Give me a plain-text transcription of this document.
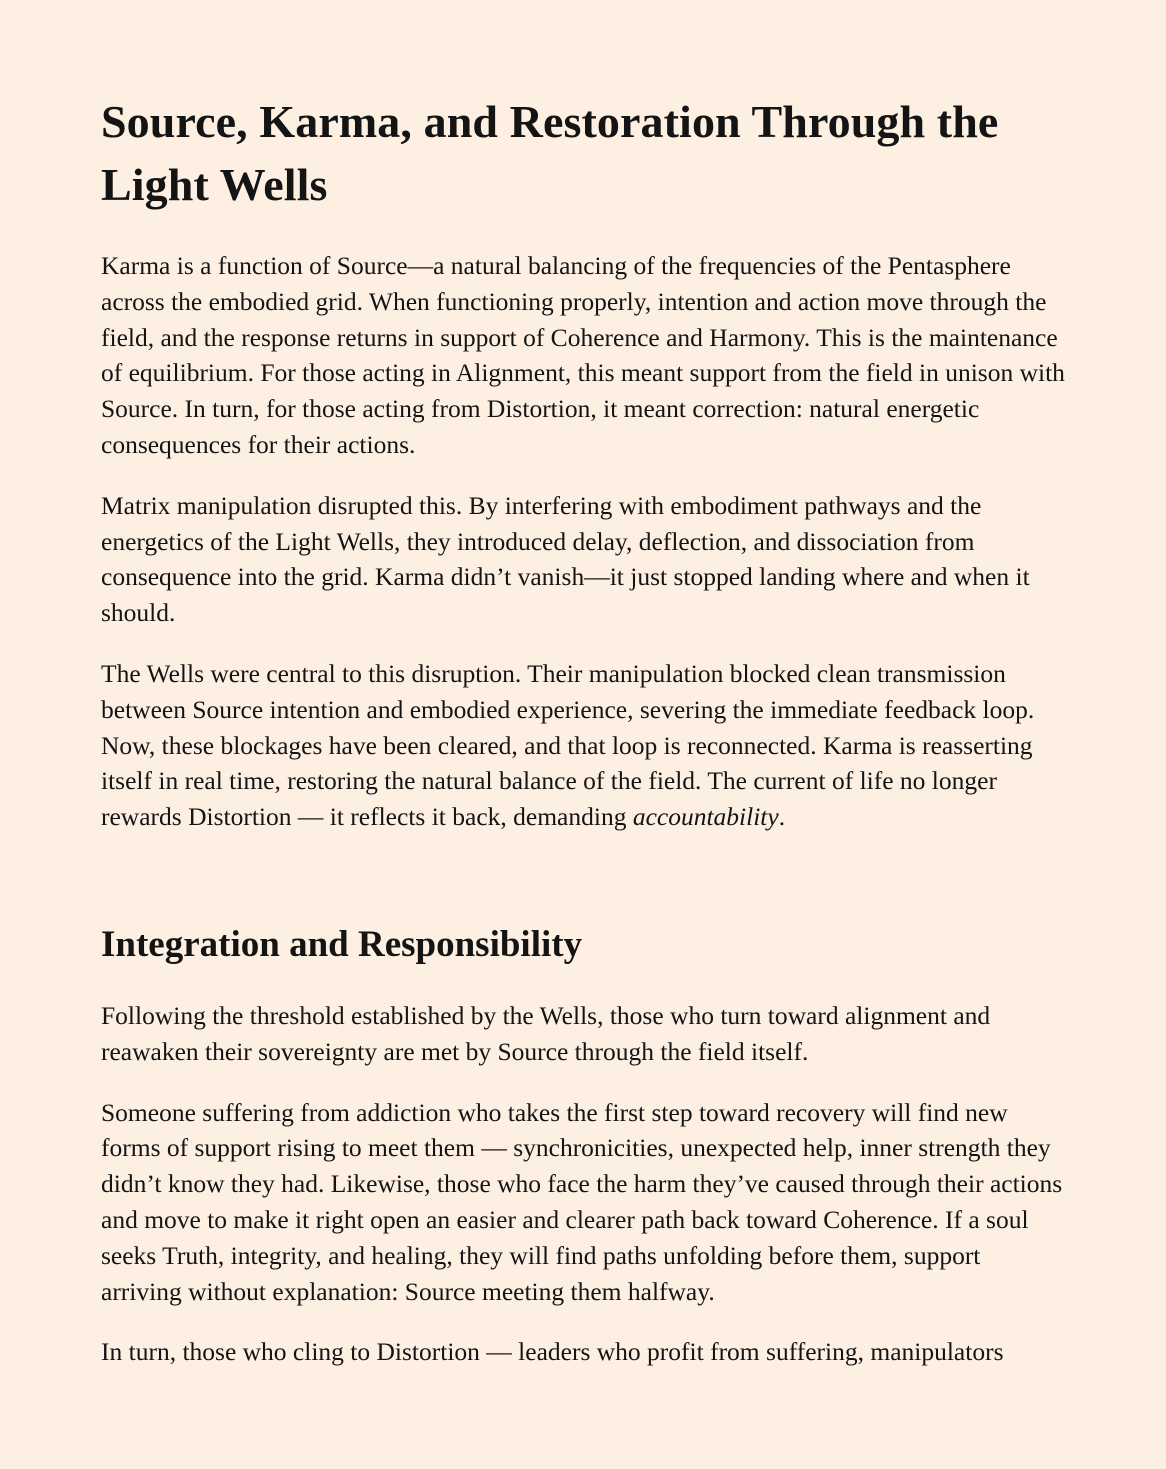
Source, Karma, and Restoration Through the Light Wells

Karma is a function of Source—a natural balancing of the frequencies of the Pentasphere across the embodied grid. When functioning properly, intention and action move through the field, and the response returns in support of Coherence and Harmony. This is the maintenance of equilibrium. For those acting in Alignment, this meant support from the field in unison with Source. In turn, for those acting from Distortion, it meant correction: natural energetic consequences for their actions.

Matrix manipulation disrupted this. By interfering with embodiment pathways and the energetics of the Light Wells, they introduced delay, deflection, and dissociation from consequence into the grid. Karma didn’t vanish—it just stopped landing where and when it should.

The Wells were central to this disruption. Their manipulation blocked clean transmission between Source intention and embodied experience, severing the immediate feedback loop. Now, these blockages have been cleared, and that loop is reconnected. Karma is reasserting itself in real time, restoring the natural balance of the field. The current of life no longer rewards Distortion — it reflects it back, demanding accountability.

Integration and Responsibility

Following the threshold established by the Wells, those who turn toward alignment and reawaken their sovereignty are met by Source through the field itself.

Someone suffering from addiction who takes the first step toward recovery will find new forms of support rising to meet them — synchronicities, unexpected help, inner strength they didn’t know they had. Likewise, those who face the harm they’ve caused through their actions and move to make it right open an easier and clearer path back toward Coherence. If a soul seeks Truth, integrity, and healing, they will find paths unfolding before them, support arriving without explanation: Source meeting them halfway.

In turn, those who cling to Distortion — leaders who profit from suffering, manipulators
